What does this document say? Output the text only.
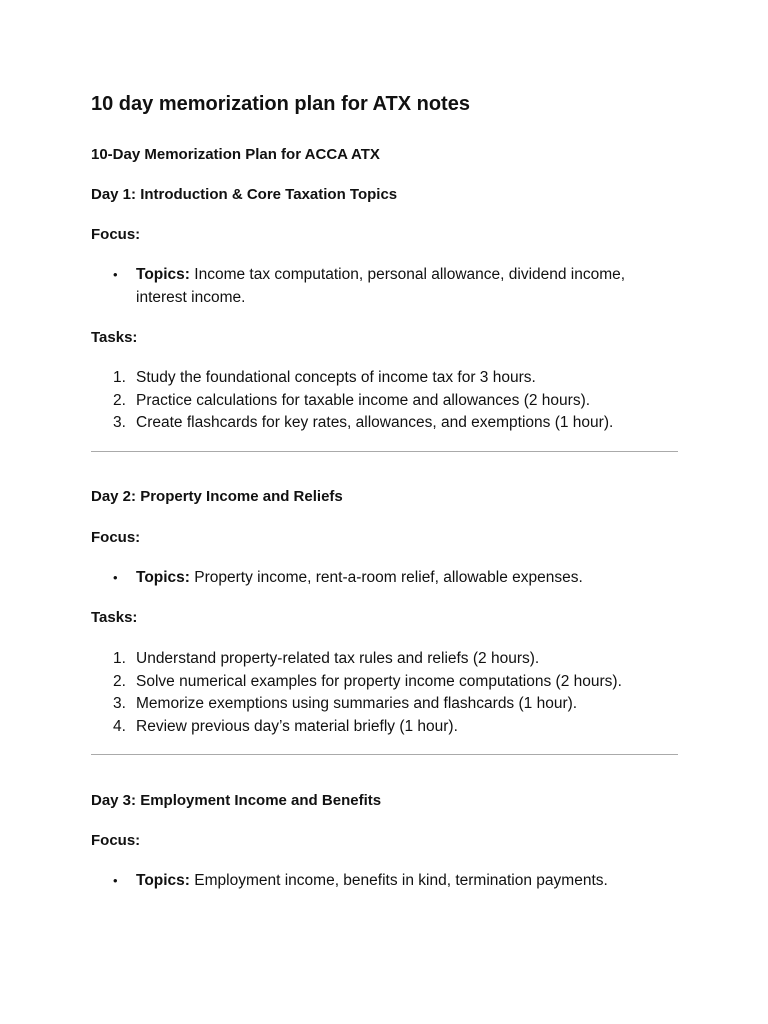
10 day memorization plan for ATX notes
10-Day Memorization Plan for ACCA ATX
Day 1: Introduction & Core Taxation Topics
Focus:
• Topics: Income tax computation, personal allowance, dividend income, interest income.
Tasks:
1. Study the foundational concepts of income tax for 3 hours.
2. Practice calculations for taxable income and allowances (2 hours).
3. Create flashcards for key rates, allowances, and exemptions (1 hour).
Day 2: Property Income and Reliefs
Focus:
• Topics: Property income, rent-a-room relief, allowable expenses.
Tasks:
1. Understand property-related tax rules and reliefs (2 hours).
2. Solve numerical examples for property income computations (2 hours).
3. Memorize exemptions using summaries and flashcards (1 hour).
4. Review previous day’s material briefly (1 hour).
Day 3: Employment Income and Benefits
Focus:
• Topics: Employment income, benefits in kind, termination payments.
